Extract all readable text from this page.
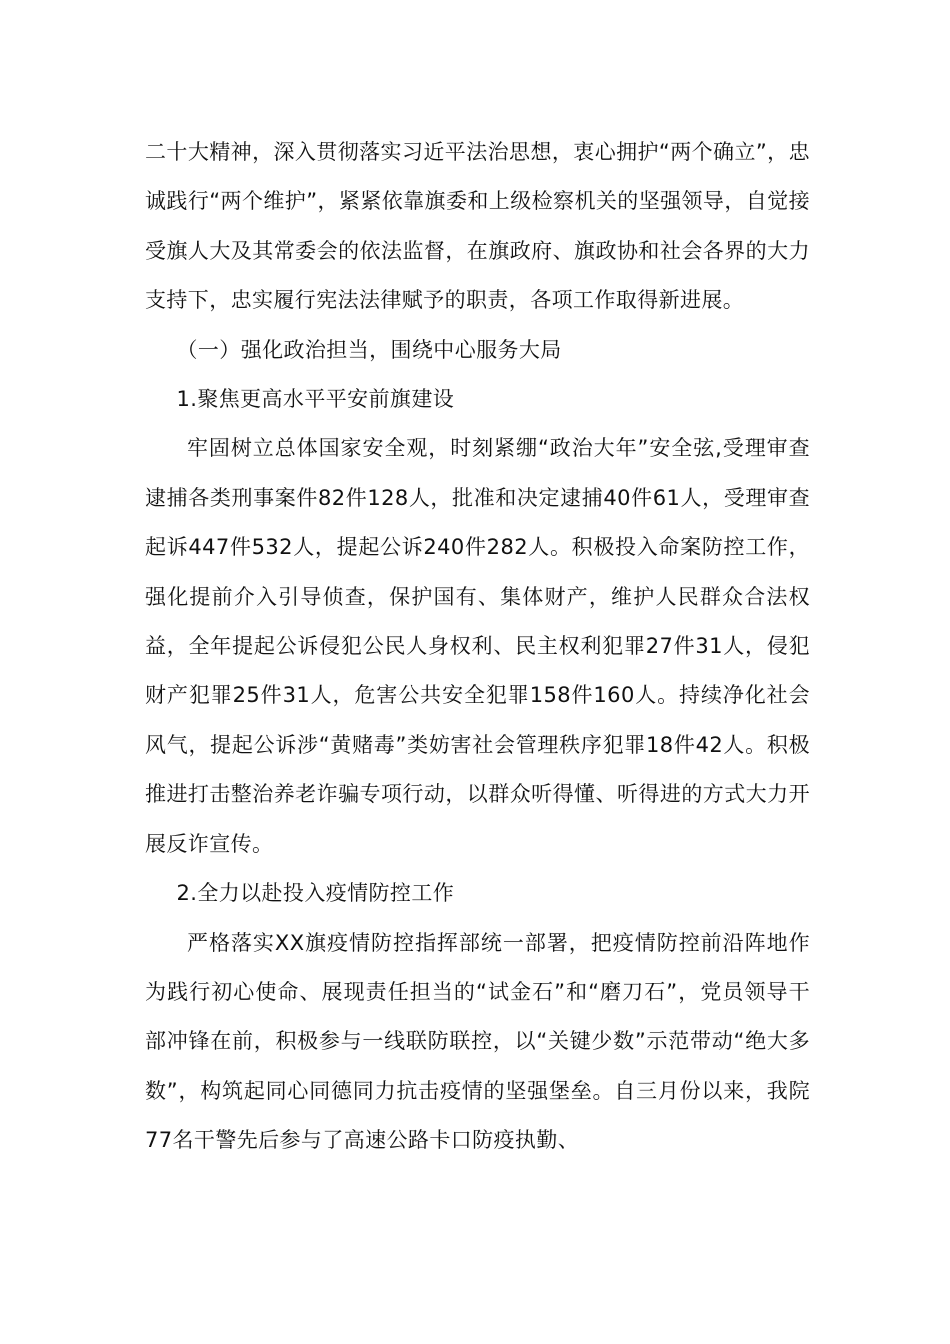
二十大精神，深入贯彻落实习近平法治思想，衷心拥护“两个确立”，忠诚践行“两个维护”，紧紧依靠旗委和上级检察机关的坚强领导，自觉接受旗人大及其常委会的依法监督，在旗政府、旗政协和社会各界的大力支持下，忠实履行宪法法律赋予的职责，各项工作取得新进展。

（一）强化政治担当，围绕中心服务大局

1.聚焦更高水平平安前旗建设

牢固树立总体国家安全观，时刻紧绷“政治大年”安全弦,受理审查逮捕各类刑事案件82件128人，批准和决定逮捕40件61人，受理审查起诉447件532人，提起公诉240件282人。积极投入命案防控工作，强化提前介入引导侦查，保护国有、集体财产，维护人民群众合法权益，全年提起公诉侵犯公民人身权利、民主权利犯罪27件31人，侵犯财产犯罪25件31人，危害公共安全犯罪158件160人。持续净化社会风气，提起公诉涉“黄赌毒”类妨害社会管理秩序犯罪18件42人。积极推进打击整治养老诈骗专项行动，以群众听得懂、听得进的方式大力开展反诈宣传。

2.全力以赴投入疫情防控工作

严格落实XX旗疫情防控指挥部统一部署，把疫情防控前沿阵地作为践行初心使命、展现责任担当的“试金石”和“磨刀石”，党员领导干部冲锋在前，积极参与一线联防联控，以“关键少数”示范带动“绝大多数”，构筑起同心同德同力抗击疫情的坚强堡垒。自三月份以来，我院77名干警先后参与了高速公路卡口防疫执勤、
